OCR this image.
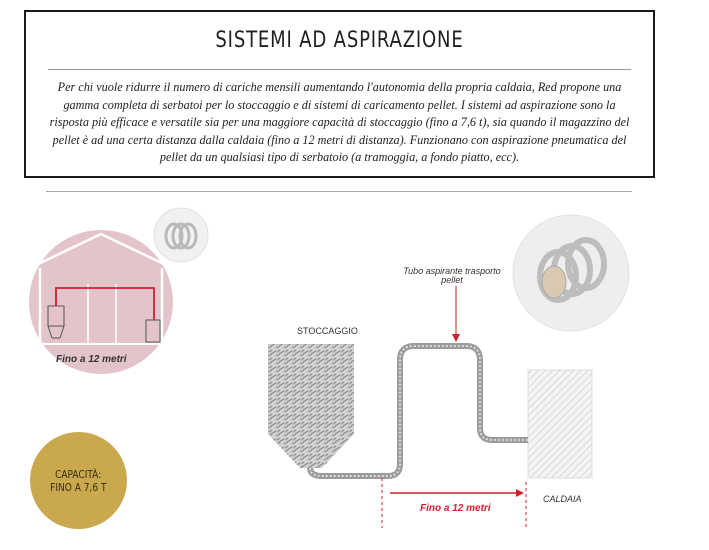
SISTEMI AD ASPIRAZIONE
Per chi vuole ridurre il numero di cariche mensili aumentando l'autonomia della propria caldaia, Red propone una gamma completa di serbatoi per lo stoccaggio e di sistemi di caricamento pellet. I sistemi ad aspirazione sono la risposta più efficace e versatile sia per una maggiore capacità di stoccaggio (fino a 7,6 t), sia quando il magazzino del pellet è ad una certa distanza dalla caldaia (fino a 12 metri di distanza). Funzionano con aspirazione pneumatica del pellet da un qualsiasi tipo di serbatoio (a tramoggia, a fondo piatto, ecc).
Fino a 12 metri
CAPACITÀ:
FINO A 7,6 T
STOCCAGGIO
Tubo aspirante trasporto
pellet
CALDAIA
Fino a 12 metri
